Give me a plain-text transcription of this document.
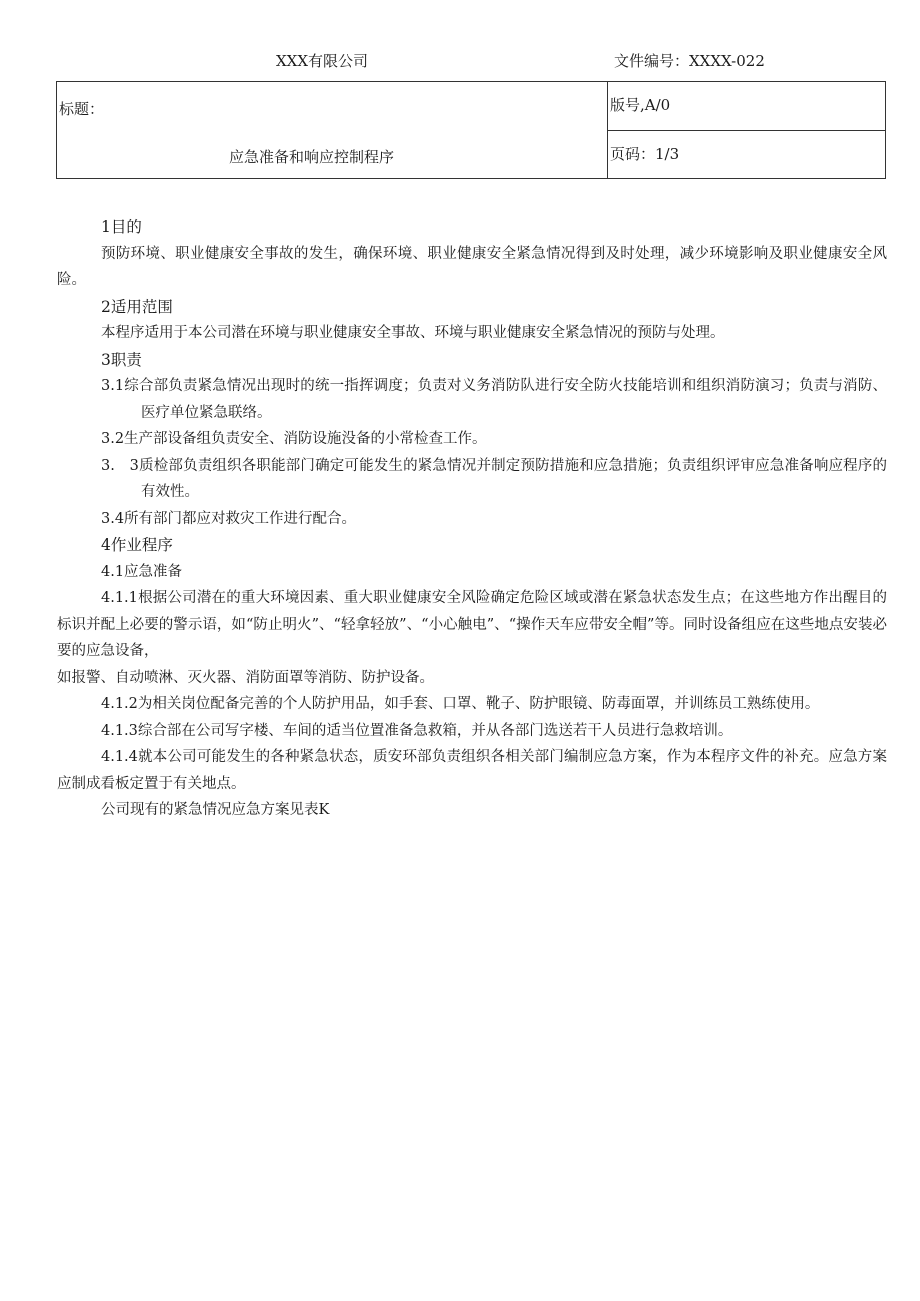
XXX有限公司	文件编号：XXXX-022
标题：
应急准备和响应控制程序
	版号,A/0
页码：1/3

1目的

预防环境、职业健康安全事故的发生，确保环境、职业健康安全紧急情况得到及时处理，减少环境影响及职业健康安全风险。

2适用范围

本程序适用于本公司潜在环境与职业健康安全事故、环境与职业健康安全紧急情况的预防与处理。

3职责

3.1综合部负责紧急情况出现时的统一指挥调度；负责对义务消防队进行安全防火技能培训和组织消防演习；负责与消防、医疗单位紧急联络。

3.2生产部设备组负责安全、消防设施没备的小常检查工作。

3.　3质检部负责组织各职能部门确定可能发生的紧急情况并制定预防措施和应急措施；负责组织评审应急准备响应程序的有效性。

3.4所有部门都应对救灾工作进行配合。

4作业程序

4.1应急准备

4.1.1根据公司潜在的重大环境因素、重大职业健康安全风险确定危险区域或潜在紧急状态发生点；在这些地方作出醒目的标识并配上必要的警示语，如“防止明火”、“轻拿轻放”、“小心触电”、“操作天车应带安全帽”等。同时设备组应在这些地点安装必要的应急设备，

如报警、自动喷淋、灭火器、消防面罩等消防、防护设备。

4.1.2为相关岗位配备完善的个人防护用品，如手套、口罩、靴子、防护眼镜、防毒面罩，并训练员工熟练使用。

4.1.3综合部在公司写字楼、车间的适当位置准备急救箱，并从各部门选送若干人员进行急救培训。

4.1.4就本公司可能发生的各种紧急状态，质安环部负责组织各相关部门编制应急方案，作为本程序文件的补充。应急方案应制成看板定置于有关地点。

公司现有的紧急情况应急方案见表K
